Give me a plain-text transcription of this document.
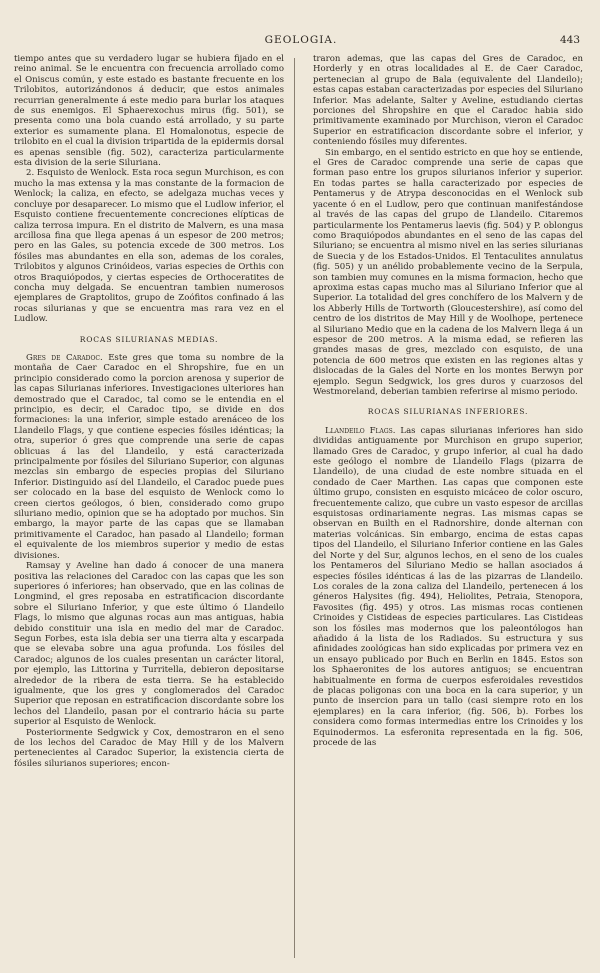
GEOLOGIA.	443

tiempo antes que su verdadero lugar se hubiera fijado en el reino animal. Se le encuentra con frecuencia arrollado como el Oniscus común, y este estado es bastante frecuente en los Trilobitos, autorizándonos á deducir, que estos animales recurrian generalmente á este medio para burlar los ataques de sus enemigos. El Sphaerexochus mirus (fig. 501), se presenta como una bola cuando está arrollado, y su parte exterior es sumamente plana. El Homalonotus, especie de trilobito en el cual la division tripartida de la epidermis dorsal es apenas sensible (fig. 502), caracteriza particularmente esta division de la serie Siluriana.

2. Esquisto de Wenlock. Esta roca segun Murchison, es con mucho la mas extensa y la mas constante de la formacion de Wenlock; la caliza, en efecto, se adelgaza muchas veces y concluye por desaparecer. Lo mismo que el Ludlow inferior, el Esquisto contiene frecuentemente concreciones elípticas de caliza terrosa impura. En el distrito de Malvern, es una masa arcillosa fina que llega apenas á un espesor de 200 metros; pero en las Gales, su potencia excede de 300 metros. Los fósiles mas abundantes en ella son, ademas de los corales, Trilobitos y algunos Crinóideos, varias especies de Orthis con otros Braquiópodos, y ciertas especies de Orthoceratites de concha muy delgada. Se encuentran tambien numerosos ejemplares de Graptolitos, grupo de Zoófitos confinado á las rocas silurianas y que se encuentra mas rara vez en el Ludlow.

ROCAS SILURIANAS MEDIAS.

Gres de Caradoc. Este gres que toma su nombre de la montaña de Caer Caradoc en el Shropshire, fue en un principio considerado como la porcion arenosa y superior de las capas Silurianas inferiores. Investigaciones ulteriores han demostrado que el Caradoc, tal como se le entendia en el principio, es decir, el Caradoc tipo, se divide en dos formaciones: la una inferior, simple estado arenáceo de los Llandeilo Flags, y que contiene especies fósiles idénticas; la otra, superior ó gres que comprende una serie de capas oblicuas á las del Llandeilo, y está caracterizada principalmente por fósiles del Siluriano Superior, con algunas mezclas sin embargo de especies propias del Siluriano Inferior. Distinguido así del Llandeilo, el Caradoc puede pues ser colocado en la base del esquisto de Wenlock como lo creen ciertos geólogos, ó bien, considerado como grupo siluriano medio, opinion que se ha adoptado por muchos. Sin embargo, la mayor parte de las capas que se llamaban primitivamente el Caradoc, han pasado al Llandeilo; forman el equivalente de los miembros superior y medio de estas divisiones.

Ramsay y Aveline han dado á conocer de una manera positiva las relaciones del Caradoc con las capas que les son superiores ó inferiores; han observado, que en las colinas de Longmind, el gres reposaba en estratificacion discordante sobre el Siluriano Inferior, y que este último ó Llandeilo Flags, lo mismo que algunas rocas aun mas antiguas, habia debido constituir una isla en medio del mar de Caradoc. Segun Forbes, esta isla debia ser una tierra alta y escarpada que se elevaba sobre una agua profunda. Los fósiles del Caradoc; algunos de los cuales presentan un carácter litoral, por ejemplo, las Littorina y Turritella, debieron depositarse alrededor de la ribera de esta tierra. Se ha establecido igualmente, que los gres y conglomerados del Caradoc Superior que reposan en estratificacion discordante sobre los lechos del Llandeilo, pasan por el contrario hácia su parte superior al Esquisto de Wenlock.

Posteriormente Sedgwick y Cox, demostraron en el seno de los lechos del Caradoc de May Hill y de los Malvern pertenecientes al Caradoc Superior, la existencia cierta de fósiles silurianos superiores; encon-

traron ademas, que las capas del Gres de Caradoc, en Horderly y en otras localidades al E. de Caer Caradoc, pertenecian al grupo de Bala (equivalente del Llandeilo); estas capas estaban caracterizadas por especies del Siluriano Inferior. Mas adelante, Salter y Aveline, estudiando ciertas porciones del Shropshire en que el Caradoc habia sido primitivamente examinado por Murchison, vieron el Caradoc Superior en estratificacion discordante sobre el inferior, y conteniendo fósiles muy diferentes.

Sin embargo, en el sentido estricto en que hoy se entiende, el Gres de Caradoc comprende una serie de capas que forman paso entre los grupos silurianos inferior y superior. En todas partes se halla caracterizado por especies de Pentamerus y de Atrypa desconocidas en el Wenlock sub yacente ó en el Ludlow, pero que continuan manifestándose al través de las capas del grupo de Llandeilo. Citaremos particularmente los Pentamerus laevis (fig. 504) y P. oblongus como Braquiópodos abundantes en el seno de las capas del Siluriano; se encuentra al mismo nivel en las series silurianas de Suecia y de los Estados-Unidos. El Tentaculites annulatus (fig. 505) y un anélido probablemente vecino de la Serpula, son tambien muy comunes en la misma formacion, hecho que aproxima estas capas mucho mas al Siluriano Inferior que al Superior. La totalidad del gres conchífero de los Malvern y de los Abberly Hills de Tortworth (Gloucestershire), así como del centro de los distritos de May Hill y de Woolhope, pertenece al Siluriano Medio que en la cadena de los Malvern llega á un espesor de 200 metros. A la misma edad, se refieren las grandes masas de gres, mezclado con esquisto, de una potencia de 600 metros que existen en las regiones altas y dislocadas de la Gales del Norte en los montes Berwyn por ejemplo. Segun Sedgwick, los gres duros y cuarzosos del Westmoreland, deberian tambien referirse al mismo periodo.

ROCAS SILURIANAS INFERIORES.

Llandeilo Flags. Las capas silurianas inferiores han sido divididas antiguamente por Murchison en grupo superior, llamado Gres de Caradoc, y grupo inferior, al cual ha dado este geólogo el nombre de Llandeilo Flags (pizarra de Llandeilo), de una ciudad de este nombre situada en el condado de Caer Marthen. Las capas que componen este último grupo, consisten en esquisto micáceo de color oscuro, frecuentemente calizo, que cubre un vasto espesor de arcillas esquistosas ordinariamente negras. Las mismas capas se observan en Builth en el Radnorshire, donde alternan con materias volcánicas. Sin embargo, encima de estas capas tipos del Llandeilo, el Siluriano Inferior contiene en las Gales del Norte y del Sur, algunos lechos, en el seno de los cuales los Pentameros del Siluriano Medio se hallan asociados á especies fósiles idénticas á las de las pizarras de Llandeilo. Los corales de la zona caliza del Llandeilo, pertenecen á los géneros Halysites (fig. 494), Heliolites, Petraia, Stenopora, Favosites (fig. 495) y otros. Las mismas rocas contienen Crinoides y Cistideas de especies particulares. Las Cistideas son los fósiles mas modernos que los paleontólogos han añadido á la lista de los Radiados. Su estructura y sus afinidades zoológicas han sido explicadas por primera vez en un ensayo publicado por Buch en Berlin en 1845. Estos son los Sphaeronites de los autores antiguos; se encuentran habitualmente en forma de cuerpos esferoidales revestidos de placas poligonas con una boca en la cara superior, y un punto de insercion para un tallo (casi siempre roto en los ejemplares) en la cara inferior, (fig. 506, b). Forbes los considera como formas intermedias entre los Crinoides y los Equinodermos. La esferonita representada en la fig. 506, procede de las
